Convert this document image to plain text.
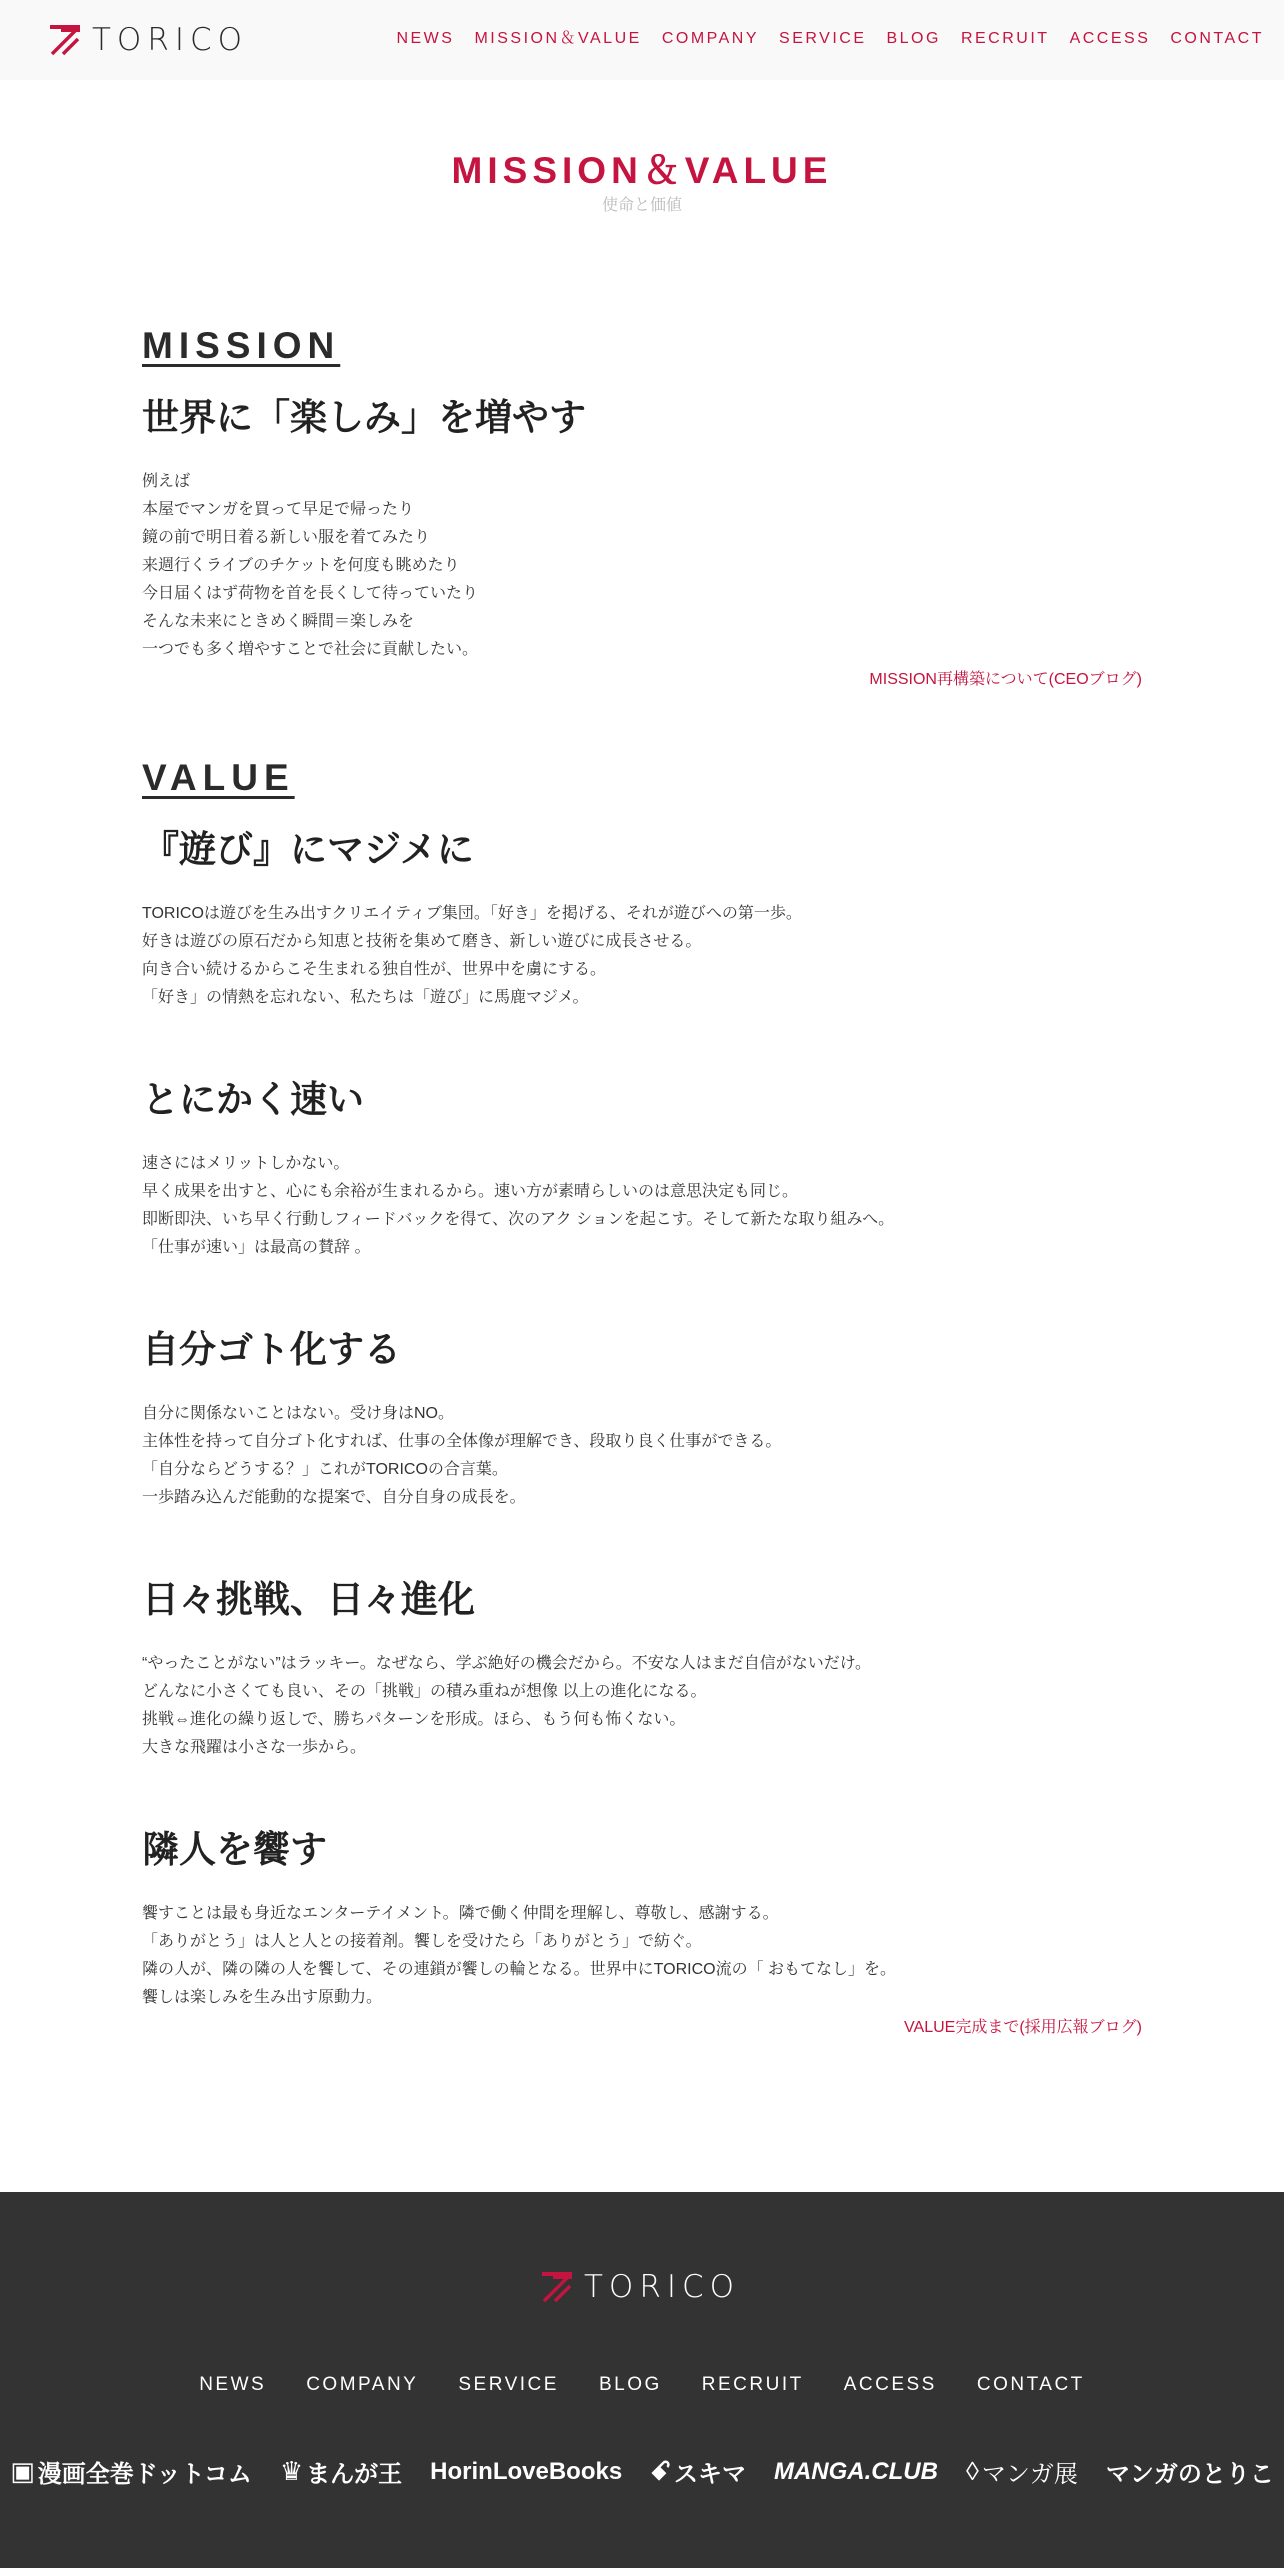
TORICO	NEWS MISSION＆VALUE COMPANY SERVICE BLOG RECRUIT ACCESS CONTACT
MISSION＆VALUE

使命と価値

MISSION
世界に「楽しみ」を増やす
例えば
本屋でマンガを買って早足で帰ったり
鏡の前で明日着る新しい服を着てみたり
来週行くライブのチケットを何度も眺めたり
今日届くはず荷物を首を長くして待っていたり
そんな未来にときめく瞬間＝楽しみを
一つでも多く増やすことで社会に貢献したい。
MISSION再構築について(CEOブログ)
VALUE
『遊び』にマジメに
TORICOは遊びを生み出すクリエイティブ集団。「好き」を掲げる、それが遊びへの第一歩。
好きは遊びの原石だから知恵と技術を集めて磨き、新しい遊びに成長させる。
向き合い続けるからこそ生まれる独自性が、世界中を虜にする。
「好き」の情熱を忘れない、私たちは「遊び」に馬鹿マジメ。
とにかく速い
速さにはメリットしかない。
早く成果を出すと、心にも余裕が生まれるから。速い方が素晴らしいのは意思決定も同じ。
即断即決、いち早く行動しフィードバックを得て、次のアク ションを起こす。そして新たな取り組みへ。
「仕事が速い」は最高の賛辞 。
自分ゴト化する
自分に関係ないことはない。受け身はNO。
主体性を持って自分ゴト化すれば、仕事の全体像が理解でき、段取り良く仕事ができる。
「自分ならどうする？」これがTORICOの合言葉。
一歩踏み込んだ能動的な提案で、自分自身の成長を。
日々挑戦、日々進化
“やったことがない”はラッキー。なぜなら、学ぶ絶好の機会だから。不安な人はまだ自信がないだけ。
どんなに小さくても良い、その「挑戦」の積み重ねが想像 以上の進化になる。
挑戦⇔進化の繰り返しで、勝ちパターンを形成。ほら、もう何も怖くない。
大きな飛躍は小さな一歩から。
隣人を饗す
饗すことは最も身近なエンターテイメント。隣で働く仲間を理解し、尊敬し、感謝する。
「ありがとう」は人と人との接着剤。饗しを受けたら「ありがとう」で紡ぐ。
隣の人が、隣の隣の人を饗して、その連鎖が饗しの輪となる。世界中にTORICO流の「 おもてなし」を。
饗しは楽しみを生み出す原動力。
VALUE完成まで(採用広報ブログ)
TORICO
NEWS COMPANY SERVICE BLOG RECRUIT ACCESS CONTACT
▣ 漫画全巻ドットコム ♛ まんが王 HorinLoveBooks ꗃ スキマ MANGA.CLUB ◊ マンガ展 マンガのとりこ
